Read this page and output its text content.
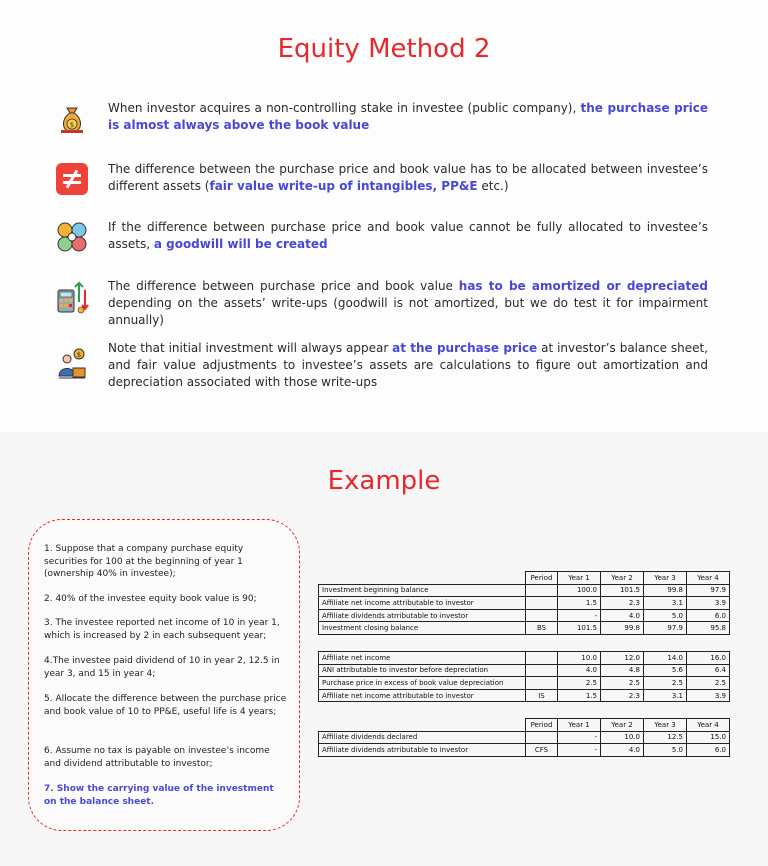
Equity Method 2
$
$
When investor acquires a non-controlling stake in investee (public company), the purchase price is almost always above the book value
The difference between the purchase price and book value has to be allocated between investee’s different assets (fair value write-up of intangibles, PP&E etc.)
If the difference between purchase price and book value cannot be fully allocated to investee’s assets, a goodwill will be created
The difference between purchase price and book value has to be amortized or depreciated depending on the assets’ write-ups (goodwill is not amortized, but we do test it for impairment annually)
Note that initial investment will always appear at the purchase price at investor’s balance sheet, and fair value adjustments to investee’s assets are calculations to figure out amortization and depreciation associated with those write-ups
Example
1. Suppose that a company purchase equity securities for 100 at the beginning of year 1 (ownership 40% in investee);
2. 40% of the investee equity book value is 90;
3. The investee reported net income of 10 in year 1, which is increased by 2 in each subsequent year;
4.The investee paid dividend of 10 in year 2, 12.5 in year 3, and 15 in year 4;
5. Allocate the difference between the purchase price and book value of 10 to PP&E, useful life is 4 years;
6. Assume no tax is payable on investee’s income and dividend attributable to investor;
7. Show the carrying value of the investment on the balance sheet.
	Period	Year 1	Year 2	Year 3	Year 4
Investment beginning balance		100.0	101.5	99.8	97.9
Affiliate net income attributable to investor		1.5	2.3	3.1	3.9
Affiliate dividends atrributable to investor		-	4.0	5.0	6.0
Investment closing balance	BS	101.5	99.8	97.9	95.8
Affiliate net income		10.0	12.0	14.0	16.0
ANI attributable to investor before depreciation		4.0	4.8	5.6	6.4
Purchase price in excess of book value depreciation		2.5	2.5	2.5	2.5
Affiliate net income attributable to investor	IS	1.5	2.3	3.1	3.9
	Period	Year 1	Year 2	Year 3	Year 4
Affiliate dividends declared		-	10.0	12.5	15.0
Affiliate dividends atrributable to investor	CFS	-	4.0	5.0	6.0
